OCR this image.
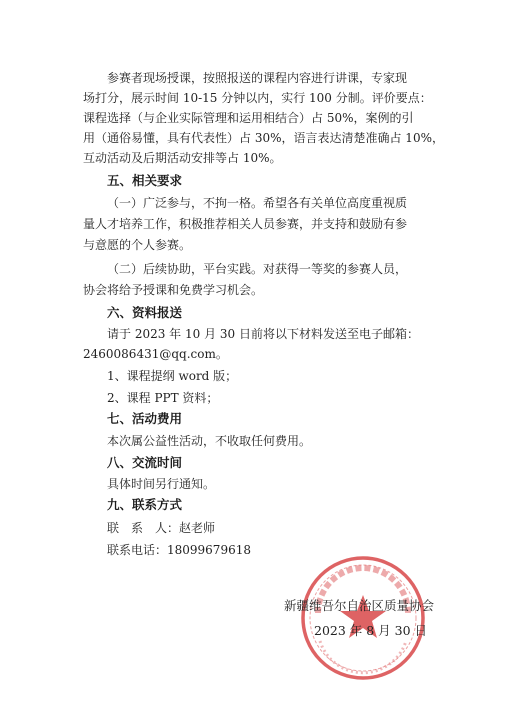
参赛者现场授课，按照报送的课程内容进行讲课，专家现
场打分，展示时间 10-15 分钟以内，实行 100 分制。评价要点：
课程选择（与企业实际管理和运用相结合）占 50%，案例的引
用（通俗易懂，具有代表性）占 30%，语言表达清楚准确占 10%，
互动活动及后期活动安排等占 10%。
五、相关要求
（一）广泛参与，不拘一格。希望各有关单位高度重视质
量人才培养工作，积极推荐相关人员参赛，并支持和鼓励有参
与意愿的个人参赛。
（二）后续协助，平台实践。对获得一等奖的参赛人员，
协会将给予授课和免费学习机会。
六、资料报送
请于 2023 年 10 月 30 日前将以下材料发送至电子邮箱：
2460086431@qq.com。
1、课程提纲 word 版；
2、课程 PPT 资料；
七、活动费用
本次属公益性活动，不收取任何费用。
八、交流时间
具体时间另行通知。
九、联系方式
联　系　人：赵老师
联系电话：18099679618
新疆维吾尔自治区质量协会
2023 年 8 月 30 日
